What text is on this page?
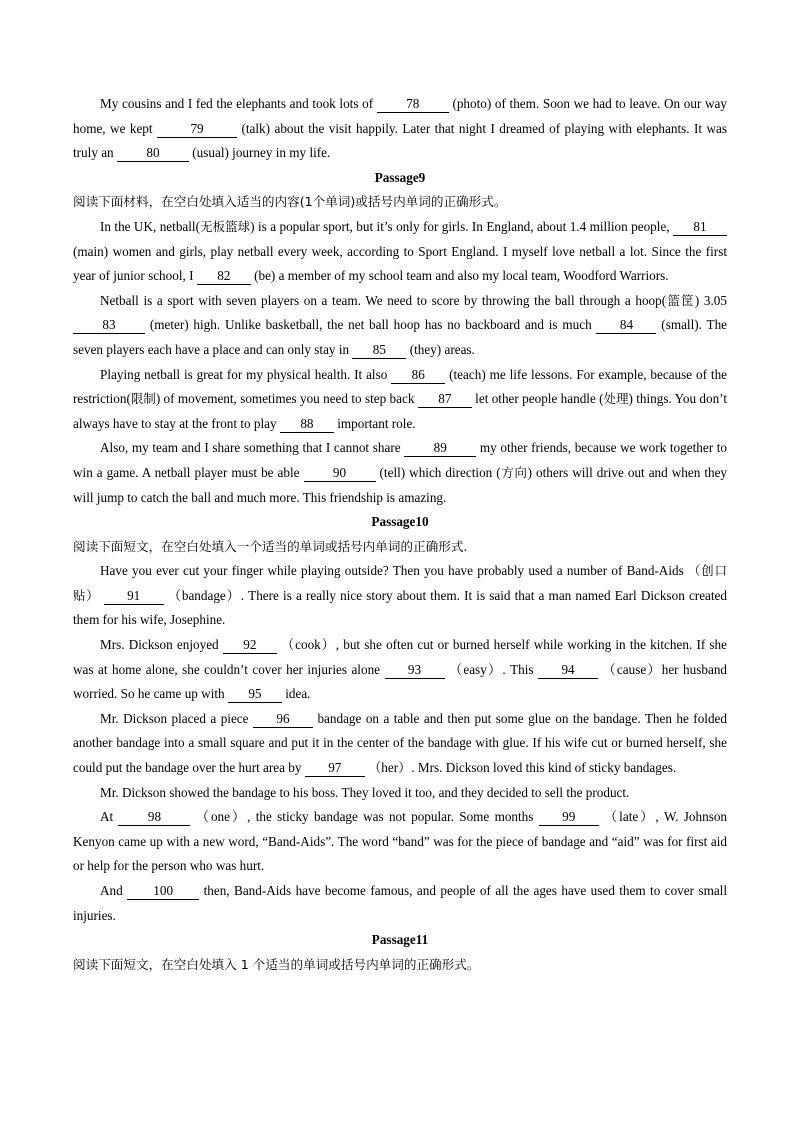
My cousins and I fed the elephants and took lots of	78	(photo) of them. Soon we had to leave. On our way home, we kept	79	(talk) about the visit happily. Later that night I dreamed of playing with elephants. It was truly an 80 (usual) journey in my life.

Passage9

阅读下面材料，在空白处填入适当的内容(1个单词)或括号内单词的正确形式。

In the UK, netball(无板篮球) is a popular sport, but it’s only for girls. In England, about 1.4 million people, 81 (main) women and girls, play netball every week, according to Sport England. I myself love netball a lot. Since the first year of junior school, I 82 (be) a member of my school team and also my local team, Woodford Warriors.

Netball is a sport with seven players on a team. We need to score by throwing the ball through a hoop(篮筐) 3.05 83	(meter) high. Unlike basketball, the net ball hoop has no backboard and is much 84 (small). The seven players each have a place and can only stay in 85 (they) areas.

Playing netball is great for my physical health. It also 86 (teach) me life lessons. For example, because of the restriction(限制) of movement, sometimes you need to step back 87 let other people handle (处理) things. You don’t always have to stay at the front to play 88 important role.

Also, my team and I share something that I cannot share	89	my other friends, because we work together to win a game. A netball player must be able	90	(tell) which direction (方向) others will drive out and when they will jump to catch the ball and much more. This friendship is amazing.

Passage10

阅读下面短文，在空白处填入一个适当的单词或括号内单词的正确形式.

Have you ever cut your finger while playing outside? Then you have probably used a number of Band-Aids （创口贴） 91 （bandage）. There is a really nice story about them. It is said that a man named Earl Dickson created them for his wife, Josephine.

Mrs. Dickson enjoyed 92 （cook）, but she often cut or burned herself while working in the kitchen. If she was at home alone, she couldn’t cover her injuries alone 93 （easy）. This 94 （cause）her husband worried. So he came up with 95 idea.

Mr. Dickson placed a piece 96 bandage on a table and then put some glue on the bandage. Then he folded another bandage into a small square and put it in the center of the bandage with glue. If his wife cut or burned herself, she could put the bandage over the hurt area by 97 （her）. Mrs. Dickson loved this kind of sticky bandages.

Mr. Dickson showed the bandage to his boss. They loved it too, and they decided to sell the product.

At	98	（one）, the sticky bandage was not popular. Some months 99 （late）, W. Johnson Kenyon came up with a new word, “Band-Aids”. The word “band” was for the piece of bandage and “aid” was for first aid or help for the person who was hurt.

And 100 then, Band-Aids have become famous, and people of all the ages have used them to cover small injuries.

Passage11

阅读下面短文，在空白处填入 1 个适当的单词或括号内单词的正确形式。
